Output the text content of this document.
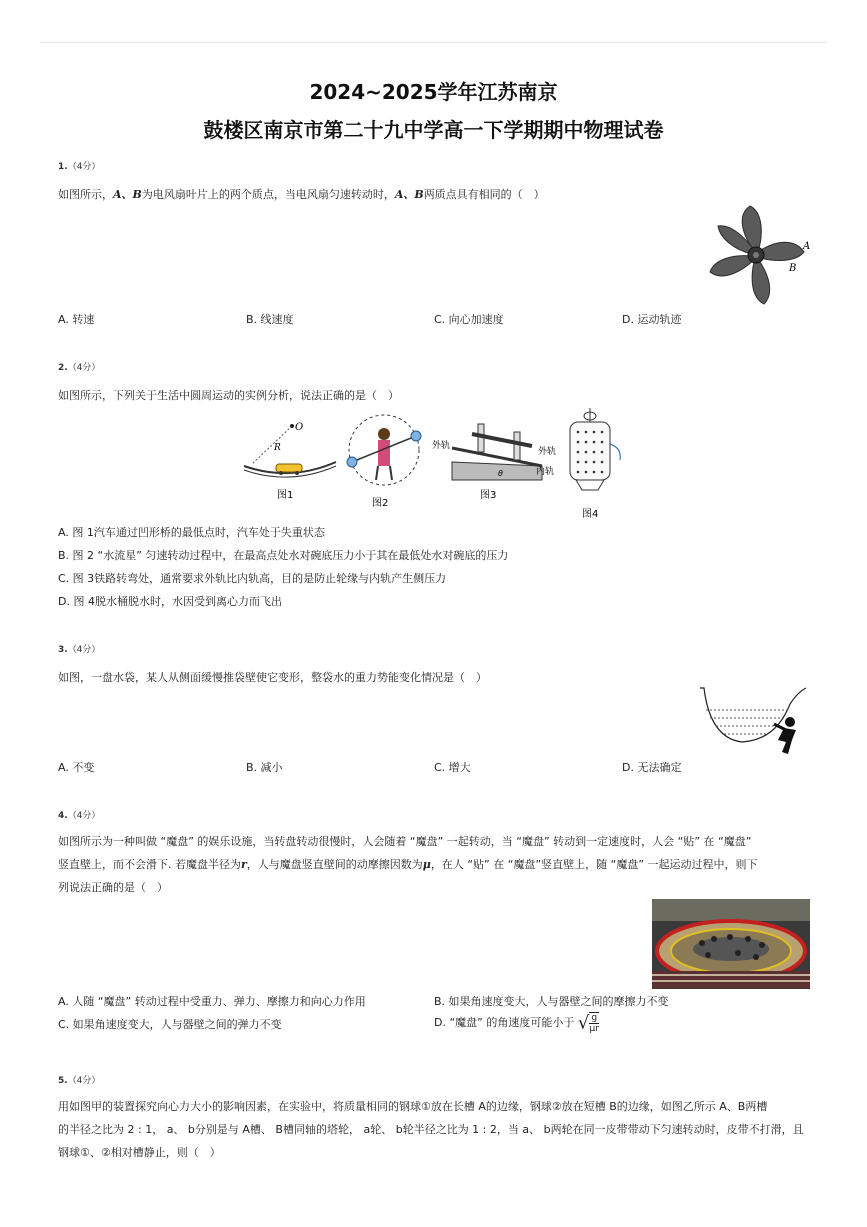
2024~2025学年江苏南京
鼓楼区南京市第二十九中学高一下学期期中物理试卷
1.（4分）
如图所示，A、B为电风扇叶片上的两个质点，当电风扇匀速转动时，A、B两质点具有相同的（　）
A
B
A. 转速	B. 线速度	C. 向心加速度	D. 运动轨迹
2.（4分）
如图所示，下列关于生活中圆周运动的实例分析，说法正确的是（　）
O
R
图1
图2
外轨
外轨
内轨
θ
图3
图4
A. 图 1汽车通过凹形桥的最低点时，汽车处于失重状态
B. 图 2 “水流星” 匀速转动过程中，在最高点处水对碗底压力小于其在最低处水对碗底的压力
C. 图 3铁路转弯处，通常要求外轨比内轨高，目的是防止轮缘与内轨产生侧压力
D. 图 4脱水桶脱水时，水因受到离心力而飞出
3.（4分）
如图，一盘水袋，某人从侧面缓慢推袋壁使它变形，整袋水的重力势能变化情况是（　）
A. 不变	B. 减小	C. 增大	D. 无法确定
4.（4分）
如图所示为一种叫做 “魔盘” 的娱乐设施，当转盘转动很慢时，人会随着 “魔盘” 一起转动，当 “魔盘” 转动到一定速度时，人会 “贴” 在 “魔盘”
竖直壁上，而不会滑下. 若魔盘半径为r，人与魔盘竖直壁间的动摩擦因数为μ，在人 “贴” 在 “魔盘”竖直壁上，随 “魔盘” 一起运动过程中，则下
列说法正确的是（　）
A. 人随 “魔盘” 转动过程中受重力、弹力、摩擦力和向心力作用	B. 如果角速度变大，人与器壁之间的摩擦力不变
C. 如果角速度变大，人与器壁之间的弹力不变	D. “魔盘” 的角速度可能小于 √ $\frac{g}{\mu r}$
5.（4分）
用如图甲的装置探究向心力大小的影响因素，在实验中，将质量相同的钢球①放在长槽 A的边缘，钢球②放在短槽 B的边缘，如图乙所示 A、B两槽
的半径之比为 2 : 1， a、 b分别是与 A槽、 B槽同轴的塔轮， a轮、 b轮半径之比为 1 : 2，当 a、 b两轮在同一皮带带动下匀速转动时，皮带不打滑，且
钢球①、②相对槽静止，则（　）
